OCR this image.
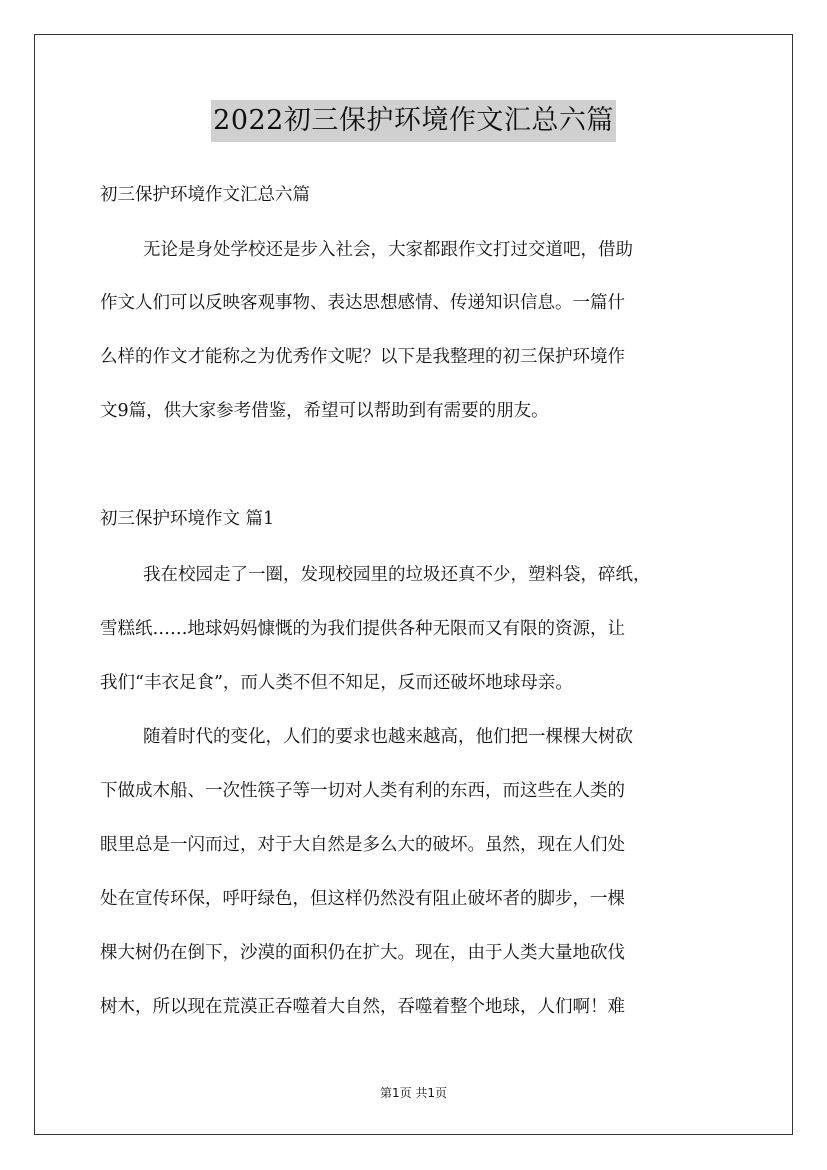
2022初三保护环境作文汇总六篇
初三保护环境作文汇总六篇
无论是身处学校还是步入社会，大家都跟作文打过交道吧，借助
作文人们可以反映客观事物、表达思想感情、传递知识信息。一篇什
么样的作文才能称之为优秀作文呢？以下是我整理的初三保护环境作
文9篇，供大家参考借鉴，希望可以帮助到有需要的朋友。
初三保护环境作文 篇1
我在校园走了一圈，发现校园里的垃圾还真不少，塑料袋，碎纸，
雪糕纸……地球妈妈慷慨的为我们提供各种无限而又有限的资源，让
我们“丰衣足食”，而人类不但不知足，反而还破坏地球母亲。
随着时代的变化，人们的要求也越来越高，他们把一棵棵大树砍
下做成木船、一次性筷子等一切对人类有利的东西，而这些在人类的
眼里总是一闪而过，对于大自然是多么大的破坏。虽然，现在人们处
处在宣传环保，呼吁绿色，但这样仍然没有阻止破坏者的脚步，一棵
棵大树仍在倒下，沙漠的面积仍在扩大。现在，由于人类大量地砍伐
树木，所以现在荒漠正吞噬着大自然，吞噬着整个地球，人们啊！难
第1页 共1页
